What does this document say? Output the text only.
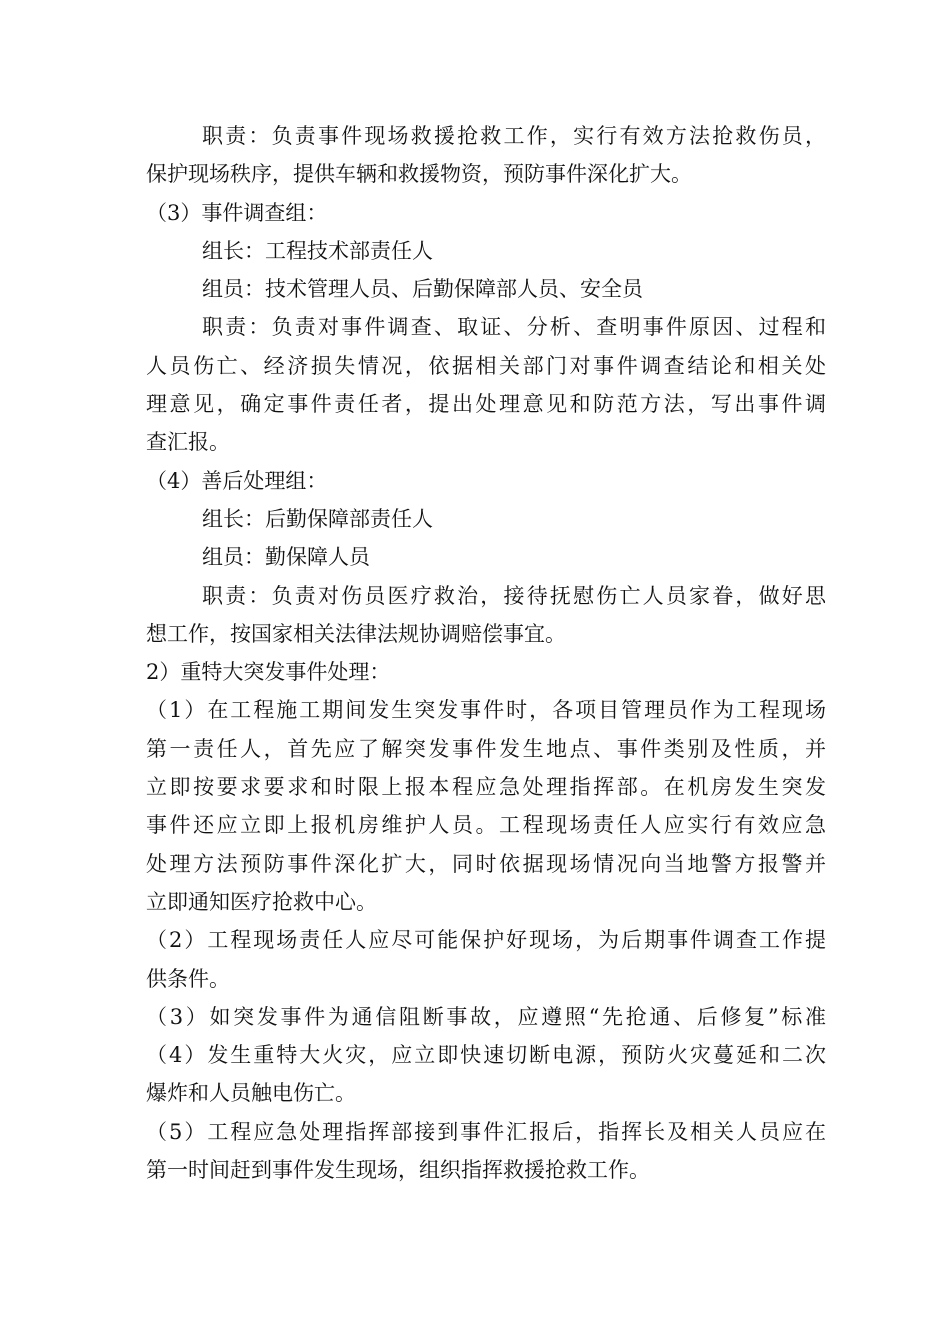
职责：负责事件现场救援抢救工作，实行有效方法抢救伤员，
保护现场秩序，提供车辆和救援物资，预防事件深化扩大。
（3）事件调查组：
组长：工程技术部责任人
组员：技术管理人员、后勤保障部人员、安全员
职责：负责对事件调查、取证、分析、查明事件原因、过程和
人员伤亡、经济损失情况，依据相关部门对事件调查结论和相关处
理意见，确定事件责任者，提出处理意见和防范方法，写出事件调
查汇报。
（4）善后处理组：
组长：后勤保障部责任人
组员：勤保障人员
职责：负责对伤员医疗救治，接待抚慰伤亡人员家眷，做好思
想工作，按国家相关法律法规协调赔偿事宜。
2）重特大突发事件处理：
（1）在工程施工期间发生突发事件时，各项目管理员作为工程现场
第一责任人，首先应了解突发事件发生地点、事件类别及性质，并
立即按要求要求和时限上报本程应急处理指挥部。在机房发生突发
事件还应立即上报机房维护人员。工程现场责任人应实行有效应急
处理方法预防事件深化扩大，同时依据现场情况向当地警方报警并
立即通知医疗抢救中心。
（2）工程现场责任人应尽可能保护好现场，为后期事件调查工作提
供条件。
（3）如突发事件为通信阻断事故，应遵照“先抢通、后修复”标准
（4）发生重特大火灾，应立即快速切断电源，预防火灾蔓延和二次
爆炸和人员触电伤亡。
（5）工程应急处理指挥部接到事件汇报后，指挥长及相关人员应在
第一时间赶到事件发生现场，组织指挥救援抢救工作。
